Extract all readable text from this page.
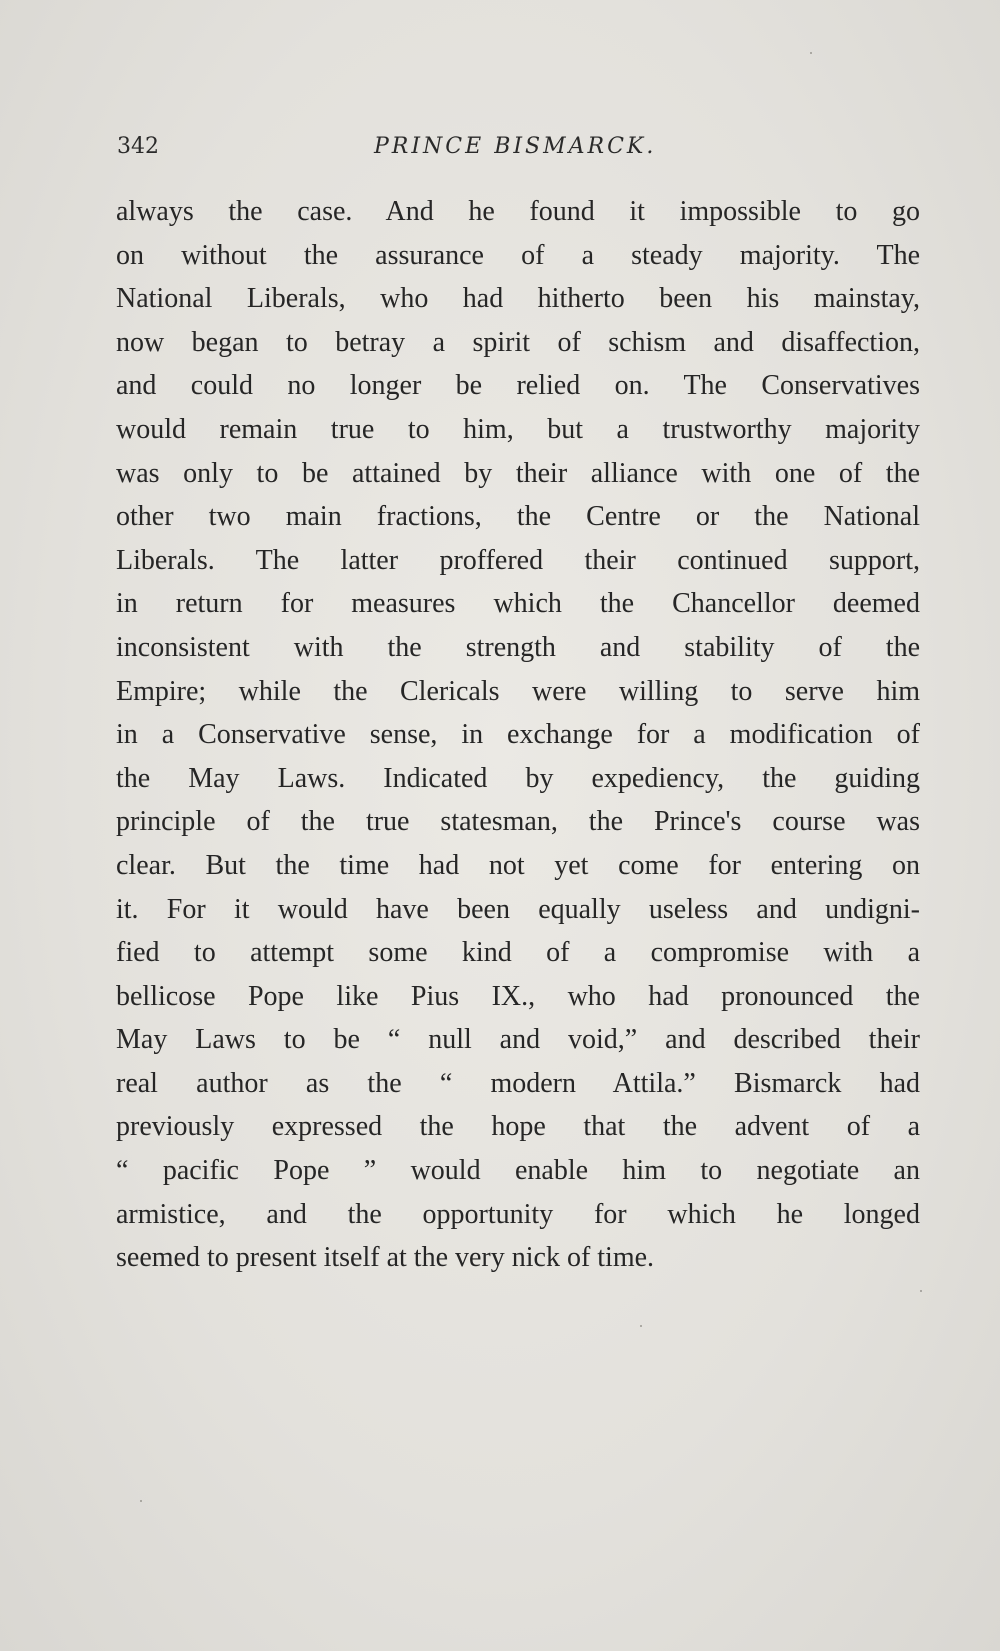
342	PRINCE BISMARCK.
always the case. And he found it impossible to go
on without the assurance of a steady majority. The
National Liberals, who had hitherto been his mainstay,
now began to betray a spirit of schism and disaffection,
and could no longer be relied on. The Conservatives
would remain true to him, but a trustworthy majority
was only to be attained by their alliance with one of the
other two main fractions, the Centre or the National
Liberals. The latter proffered their continued support,
in return for measures which the Chancellor deemed
inconsistent with the strength and stability of the
Empire; while the Clericals were willing to serve him
in a Conservative sense, in exchange for a modification of
the May Laws. Indicated by expediency, the guiding
principle of the true statesman, the Prince's course was
clear. But the time had not yet come for entering on
it. For it would have been equally useless and undigni-
fied to attempt some kind of a compromise with a
bellicose Pope like Pius IX., who had pronounced the
May Laws to be “ null and void,” and described their
real author as the “ modern Attila.” Bismarck had
previously expressed the hope that the advent of a
“ pacific Pope ” would enable him to negotiate an
armistice, and the opportunity for which he longed
seemed to present itself at the very nick of time.
